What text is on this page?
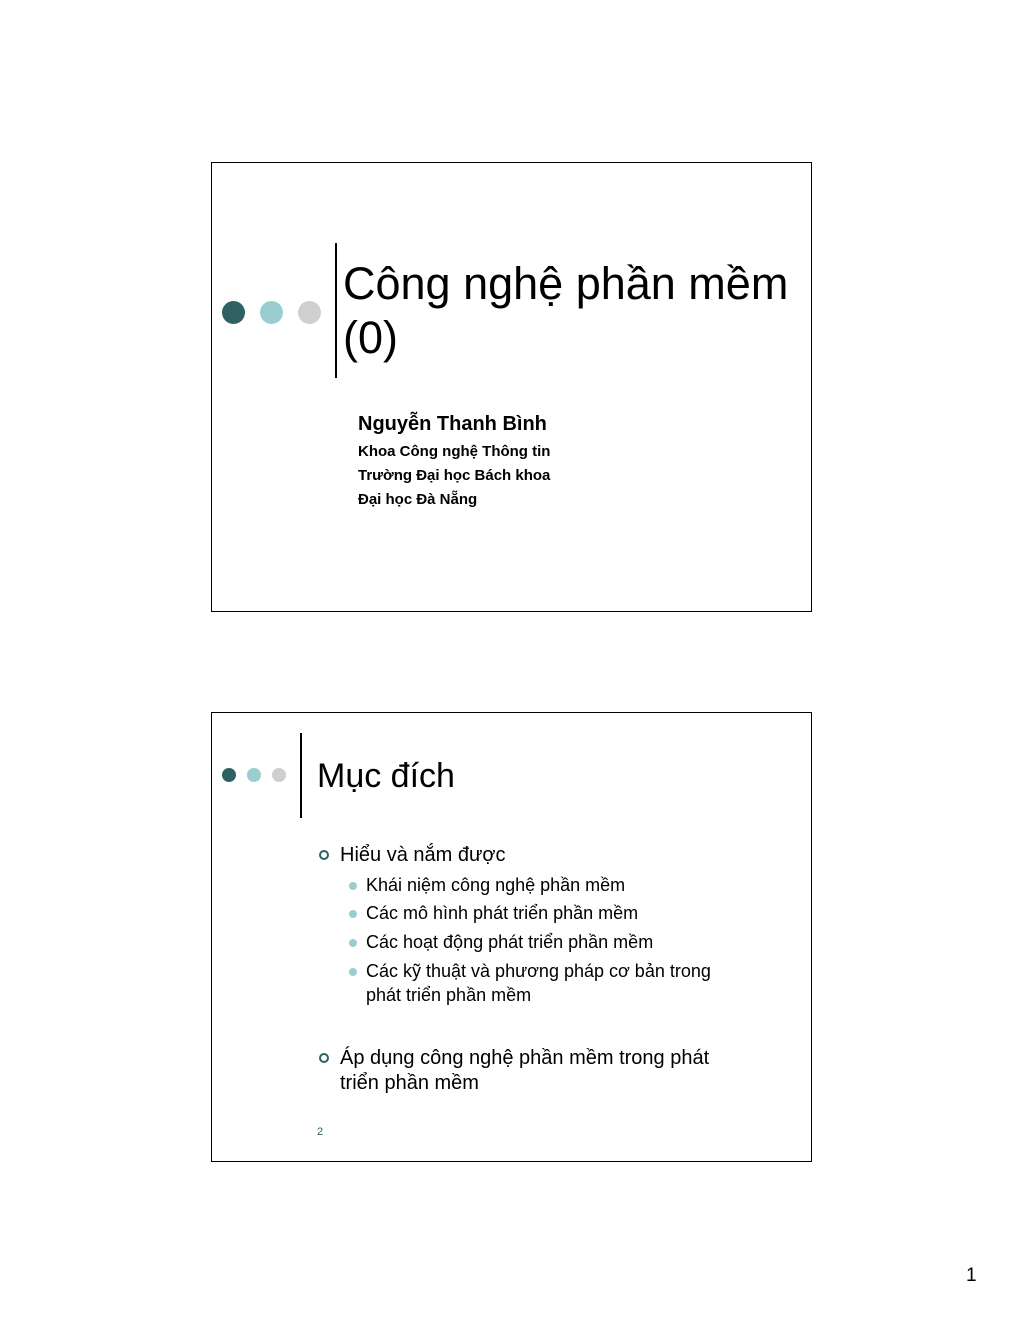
Công nghệ phần mềm
(0)
Nguyễn Thanh Bình
Khoa Công nghệ Thông tin
Trường Đại học Bách khoa
Đại học Đà Nẵng
Mục đích
Hiểu và nắm được
Khái niệm công nghệ phần mềm
Các mô hình phát triển phần mềm
Các hoạt động phát triển phần mềm
Các kỹ thuật và phương pháp cơ bản trong
phát triển phần mềm
Áp dụng công nghệ phần mềm trong phát
triển phần mềm
2
1
